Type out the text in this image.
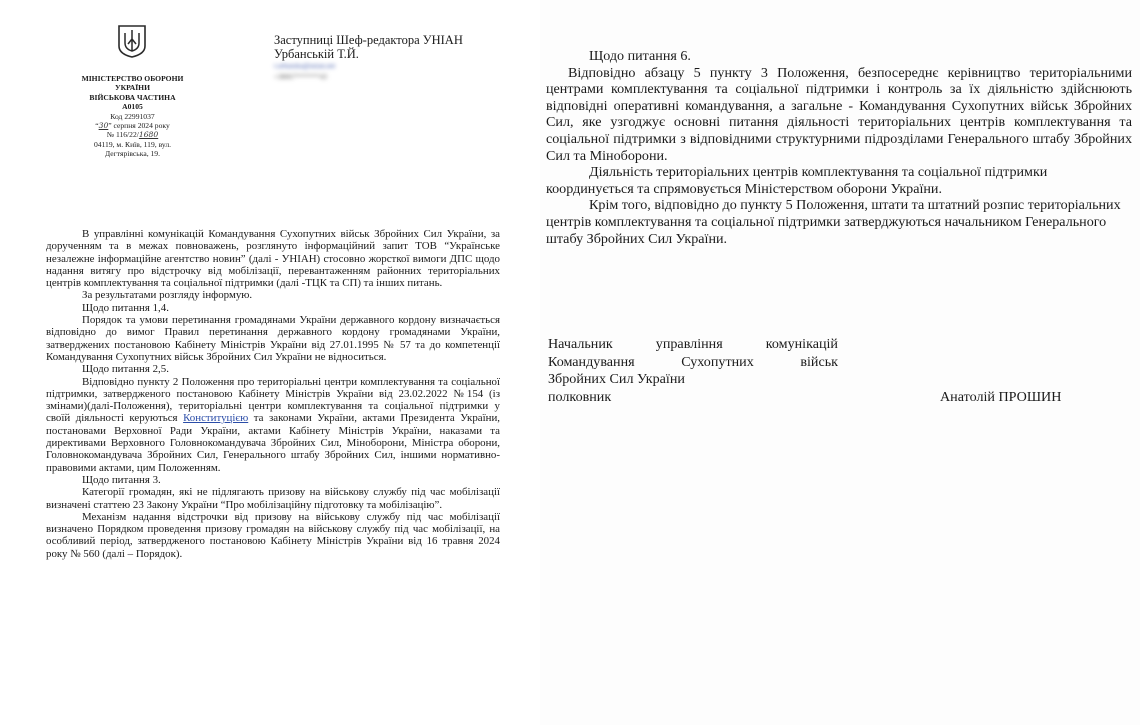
МІНІСТЕРСТВО ОБОРОНИ
УКРАЇНИ
ВІЙСЬКОВА ЧАСТИНА
А0105
Код 22991037
“30” серпня 2024 року
№ 116/22/1680
04119, м. Київ, 119, вул.
Дегтярівська, 19.
Заступниці Шеф-редактора УНІАН
Урбанській Т.Й.
t.urbanska@unian.net
+38067*******43

В управлінні комунікацій Командування Сухопутних військ Збройних Сил України, за дорученням та в межах повноважень, розглянуто інформаційний запит ТОВ “Українське незалежне інформаційне агентство новин” (далі - УНІАН) стосовно жорсткої вимоги ДПС щодо надання витягу про відстрочку від мобілізації, перевантаженням районних територіальних центрів комплектування та соціальної підтримки (далі -ТЦК та СП) та інших питань.

За результатами розгляду інформую.

Щодо питання 1,4.

Порядок та умови перетинання громадянами України державного кордону визначається відповідно до вимог Правил перетинання державного кордону громадянами України, затверджених постановою Кабінету Міністрів України від 27.01.1995 № 57 та до компетенції Командування Сухопутних військ Збройних Сил України не відноситься.

Щодо питання 2,5.

Відповідно пункту 2 Положення про територіальні центри комплектування та соціальної підтримки, затвердженого постановою Кабінету Міністрів України від 23.02.2022 №154 (із змінами)(далі-Положення), територіальні центри комплектування та соціальної підтримки у своїй діяльності керуються Конституцією та законами України, актами Президента України, постановами Верховної Ради України, актами Кабінету Міністрів України, наказами та директивами Верховного Головнокомандувача Збройних Сил, Міноборони, Міністра оборони, Головнокомандувача Збройних Сил, Генерального штабу Збройних Сил, іншими нормативно-правовими актами, цим Положенням.

Щодо питання 3.

Категорії громадян, які не підлягають призову на військову службу під час мобілізації визначені статтею 23 Закону України “Про мобілізаційну підготовку та мобілізацію”.

Механізм надання відстрочки від призову на військову службу під час мобілізації визначено Порядком проведення призову громадян на військову службу під час мобілізації, на особливий період, затвердженого постановою Кабінету Міністрів України від 16 травня 2024 року № 560 (далі – Порядок).

Щодо питання 6.

Відповідно абзацу 5 пункту 3 Положення, безпосереднє керівництво територіальними центрами комплектування та соціальної підтримки і контроль за їх діяльністю здійснюють відповідні оперативні командування, а загальне - Командування Сухопутних військ Збройних Сил, яке узгоджує основні питання діяльності територіальних центрів комплектування та соціальної підтримки з відповідними структурними підрозділами Генерального штабу Збройних Сил та Міноборони.

Діяльність територіальних центрів комплектування та соціальної підтримки координується та спрямовується Міністерством оборони України.

Крім того, відповідно до пункту 5 Положення, штати та штатний розпис територіальних центрів комплектування та соціальної підтримки затверджуються начальником Генерального штабу Збройних Сил України.

Начальник	управління	комунікацій
Командування	Сухопутних	військ
Збройних Сил України
полковник	Анатолій ПРОШИН
